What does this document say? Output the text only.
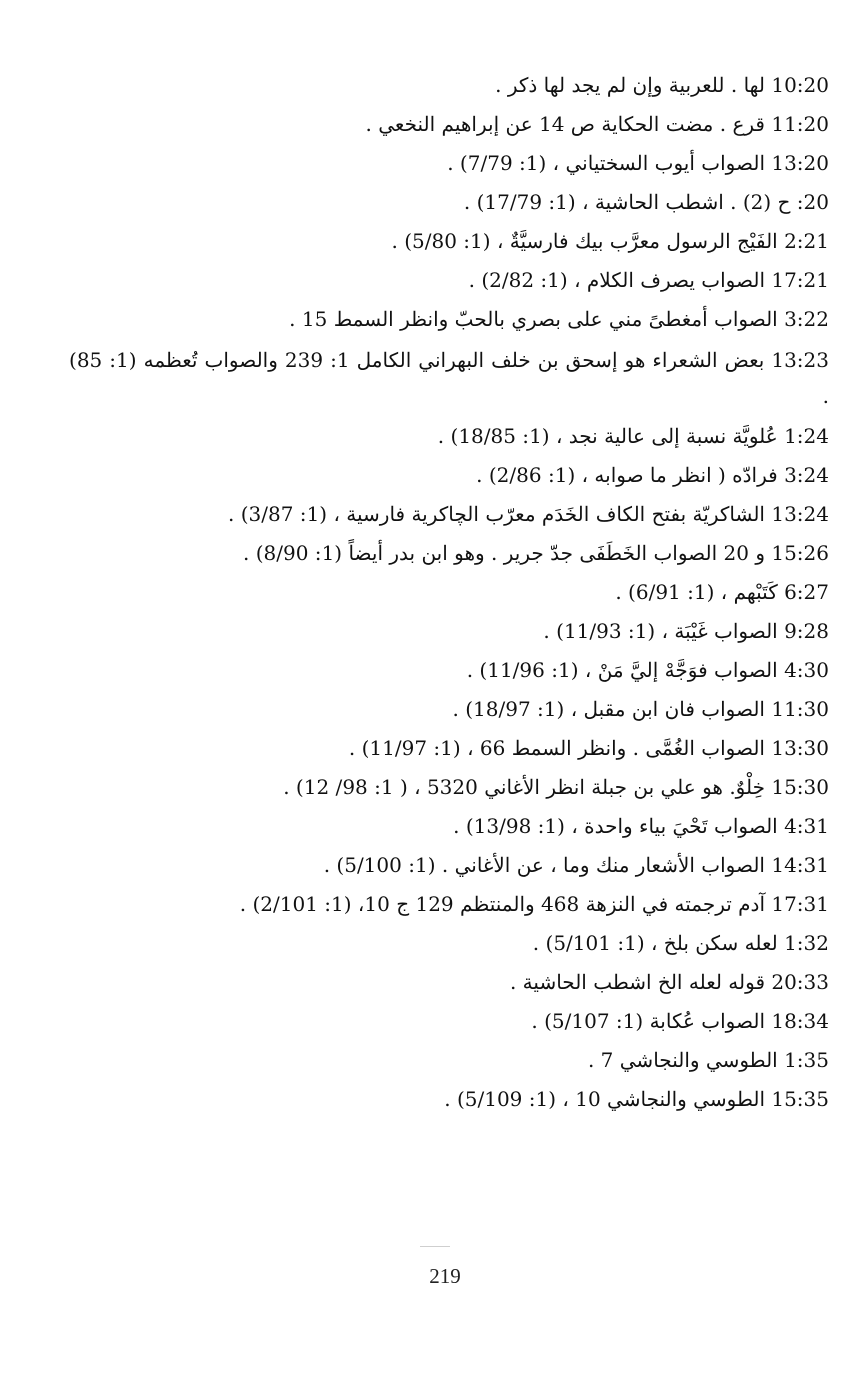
10:20 لها . للعربية وإن لم يجد لها ذكر .
11:20 قرع . مضت الحكاية ص 14 عن إبراهيم النخعي .
13:20 الصواب أيوب السختياني ، (1: 7/79) .
20: ح (2) . اشطب الحاشية ، (1: 17/79) .
2:21 الفَيْج الرسول معرَّب بيك فارسيَّةٌ ، (1: 5/80) .
17:21 الصواب يصرف الكلام ، (1: 2/82) .
3:22 الصواب أمغطىً مني على بصري بالحبّ وانظر السمط 15 .
13:23 بعض الشعراء هو إسحق بن خلف البهراني الكامل 1: 239 والصواب تُعظمه (1: 85) .
1:24 عُلويَّة نسبة إلى عالية نجد ، (1: 18/85) .
3:24 فرادّه ( انظر ما صوابه ، (1: 2/86) .
13:24 الشاكريّة بفتح الكاف الخَدَم معرّب الچاكرية فارسية ، (1: 3/87) .
15:26 و 20 الصواب الخَطَفَى جدّ جرير . وهو ابن بدر أيضاً (1: 8/90) .
6:27 كَتَبْهم ، (1: 6/91) .
9:28 الصواب غَيْبَة ، (1: 11/93) .
4:30 الصواب فوَجَّهْ إليَّ مَنْ ، (1: 11/96) .
11:30 الصواب فان ابن مقبل ، (1: 18/97) .
13:30 الصواب الغُمَّى . وانظر السمط 66 ، (1: 11/97) .
15:30 خِلْوٌ. هو علي بن جبلة انظر الأغاني 5320 ، ( 1: 98/ 12) .
4:31 الصواب تَحْيَ بياء واحدة ، (1: 13/98) .
14:31 الصواب الأشعار منك وما ، عن الأغاني . (1: 5/100) .
17:31 آدم ترجمته في النزهة 468 والمنتظم 129 ج 10، (1: 2/101) .
1:32 لعله سكن بلخ ، (1: 5/101) .
20:33 قوله لعله الخ اشطب الحاشية .
18:34 الصواب عُكابة (1: 5/107) .
1:35 الطوسي والنجاشي 7 .
15:35 الطوسي والنجاشي 10 ، (1: 5/109) .
219
